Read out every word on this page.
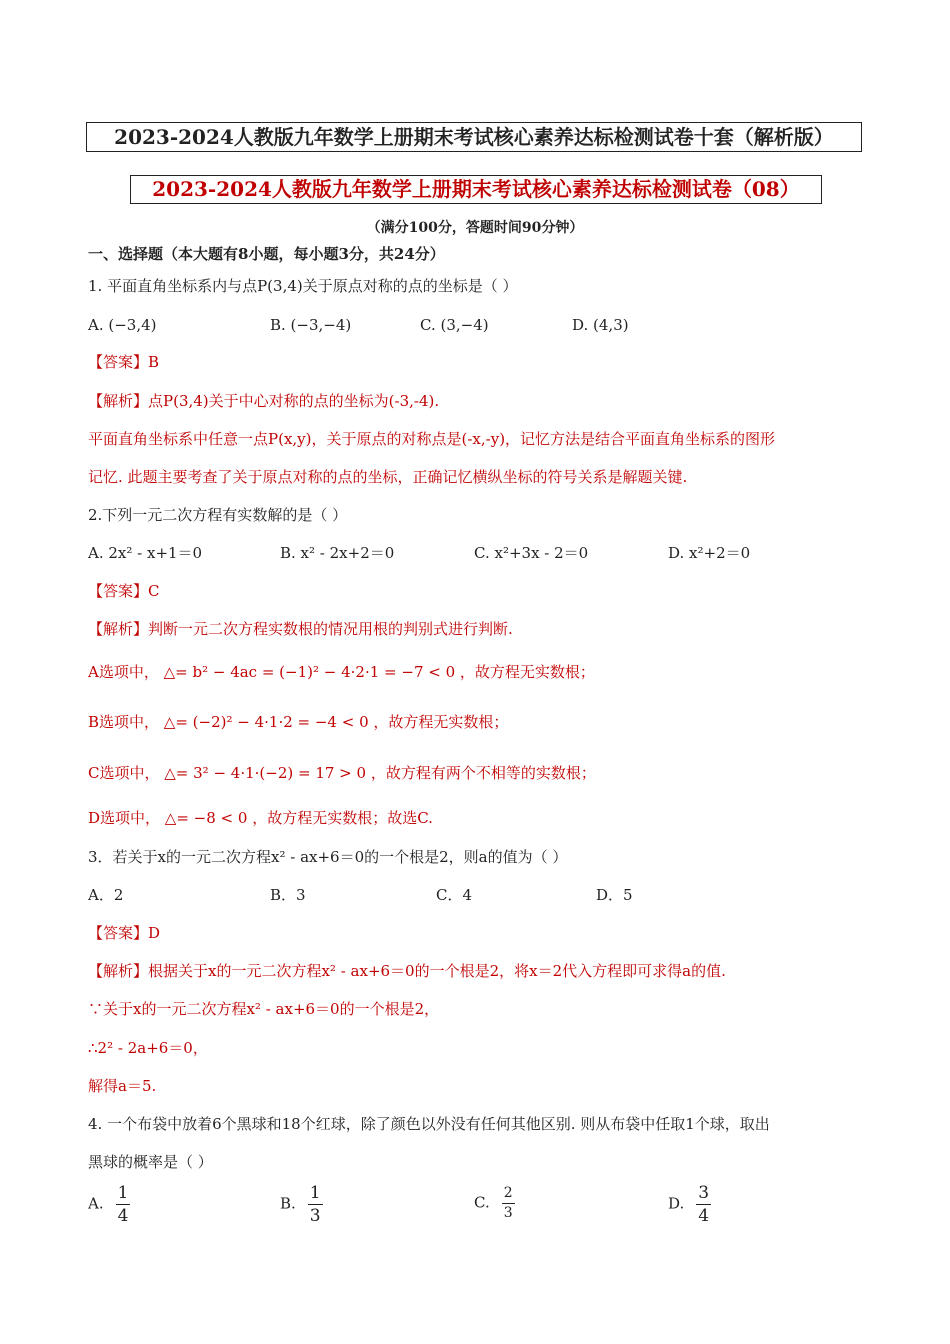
2023-2024人教版九年数学上册期末考试核心素养达标检测试卷十套（解析版）
2023-2024人教版九年数学上册期末考试核心素养达标检测试卷（08）
（满分100分，答题时间90分钟）
一、选择题（本大题有8小题，每小题3分，共24分）
1. 平面直角坐标系内与点P(3,4)关于原点对称的点的坐标是（ ）
A. (−3,4)	B. (−3,−4)	C. (3,−4)	D. (4,3)
【答案】B
【解析】点P(3,4)关于中心对称的点的坐标为(-3,-4).
平面直角坐标系中任意一点P(x,y)，关于原点的对称点是(-x,-y)，记忆方法是结合平面直角坐标系的图形
记忆. 此题主要考查了关于原点对称的点的坐标，正确记忆横纵坐标的符号关系是解题关键.
2.下列一元二次方程有实数解的是（ ）
A. 2x² - x+1＝0	B. x² - 2x+2＝0	C. x²+3x - 2＝0	D. x²+2＝0
【答案】C
【解析】判断一元二次方程实数根的情况用根的判别式进行判断.
A选项中， △= b² − 4ac = (−1)² − 4·2·1 = −7 < 0 ，故方程无实数根；
B选项中， △= (−2)² − 4·1·2 = −4 < 0 ，故方程无实数根；
C选项中， △= 3² − 4·1·(−2) = 17 > 0 ，故方程有两个不相等的实数根；
D选项中， △= −8 < 0 ，故方程无实数根；故选C.
3．若关于x的一元二次方程x² - ax+6＝0的一个根是2，则a的值为（ ）
A．2	B．3	C．4	D．5
【答案】D
【解析】根据关于x的一元二次方程x² - ax+6＝0的一个根是2，将x＝2代入方程即可求得a的值.
∵关于x的一元二次方程x² - ax+6＝0的一个根是2，
∴2² - 2a+6＝0，
解得a＝5.
4. 一个布袋中放着6个黑球和18个红球，除了颜色以外没有任何其他区别. 则从布袋中任取1个球，取出
黑球的概率是（ ）
A. $\frac{1}{4}$	B. $\frac{1}{3}$	C. $\frac{2}{3}$	D. $\frac{3}{4}$
